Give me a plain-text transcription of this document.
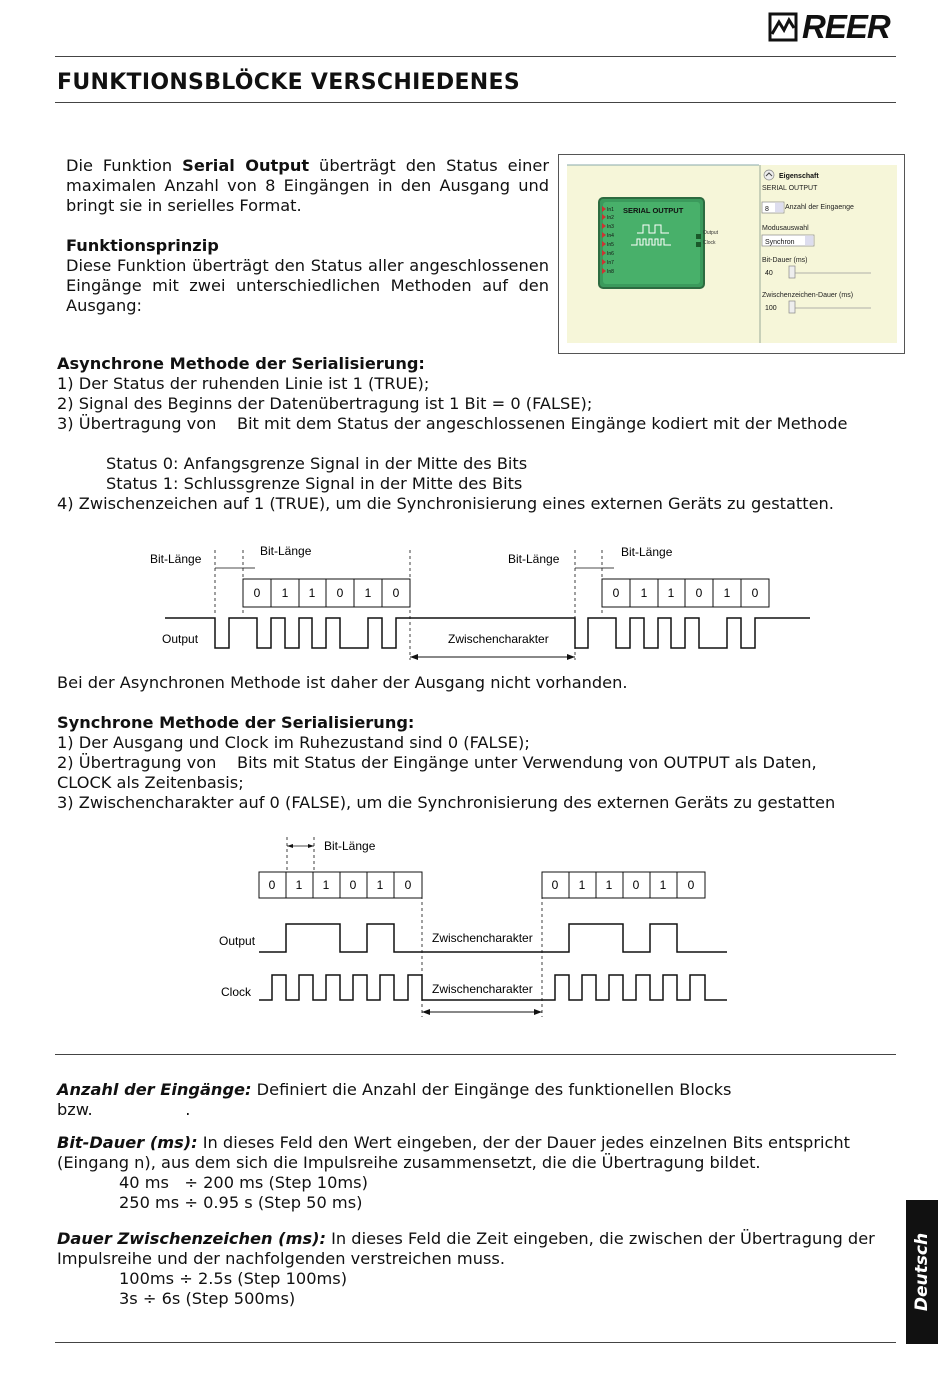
REER
FUNKTIONSBLÖCKE VERSCHIEDENES

Die Funktion Serial Output überträgt den Status einer maximalen Anzahl von 8 Eingängen in den Ausgang und bringt sie in serielles Format.

Funktionsprinzip

Diese Funktion überträgt den Status aller angeschlossenen Eingänge mit zwei unterschiedlichen Methoden auf den Ausgang:

SERIAL OUTPUT
In1
In2
In3
In4
In5
In6
In7
In8
Output
Clock
Eigenschaft
SERIAL OUTPUT
8 Anzahl der Eingaenge
Modusauswahl
Synchron
Bit-Dauer (ms)
40
Zwischenzeichen-Dauer (ms)
100
Asynchrone Methode der Serialisierung:
1) Der Status der ruhenden Linie ist 1 (TRUE);
2) Signal des Beginns der Datenübertragung ist 1 Bit = 0 (FALSE);
3) Übertragung von    Bit mit dem Status der angeschlossenen Eingänge kodiert mit der Methode
Status 0: Anfangsgrenze Signal in der Mitte des Bits
Status 1: Schlussgrenze Signal in der Mitte des Bits
4) Zwischenzeichen auf 1 (TRUE), um die Synchronisierung eines externen Geräts zu gestatten.
Bit-Länge
Bit-Länge
Bit-Länge	Bit-Länge
Output	Zwischencharakter
0 1 1 0 1 0	0 1 1 0 1 0
Bei der Asynchronen Methode ist daher der Ausgang nicht vorhanden.
Synchrone Methode der Serialisierung:
1) Der Ausgang und Clock im Ruhezustand sind 0 (FALSE);
2) Übertragung von    Bits mit Status der Eingänge unter Verwendung von OUTPUT als Daten,
CLOCK als Zeitenbasis;
3) Zwischencharakter auf 0 (FALSE), um die Synchronisierung des externen Geräts zu gestatten
Bit-Länge
Output
Clock
Zwischencharakter
Zwischencharakter
0 1 1 0 1 0	0 1 1 0 1 0
Anzahl der Eingänge: Definiert die Anzahl der Eingänge des funktionellen Blocks
bzw.                  .
Bit-Dauer (ms): In dieses Feld den Wert eingeben, der der Dauer jedes einzelnen Bits entspricht
(Eingang n), aus dem sich die Impulsreihe zusammensetzt, die die Übertragung bildet.
40 ms   ÷ 200 ms (Step 10ms)
250 ms ÷ 0.95 s (Step 50 ms)
Dauer Zwischenzeichen (ms): In dieses Feld die Zeit eingeben, die zwischen der Übertragung der
Impulsreihe und der nachfolgenden verstreichen muss.
100ms ÷ 2.5s (Step 100ms)
3s ÷ 6s (Step 500ms)	Deutsch
